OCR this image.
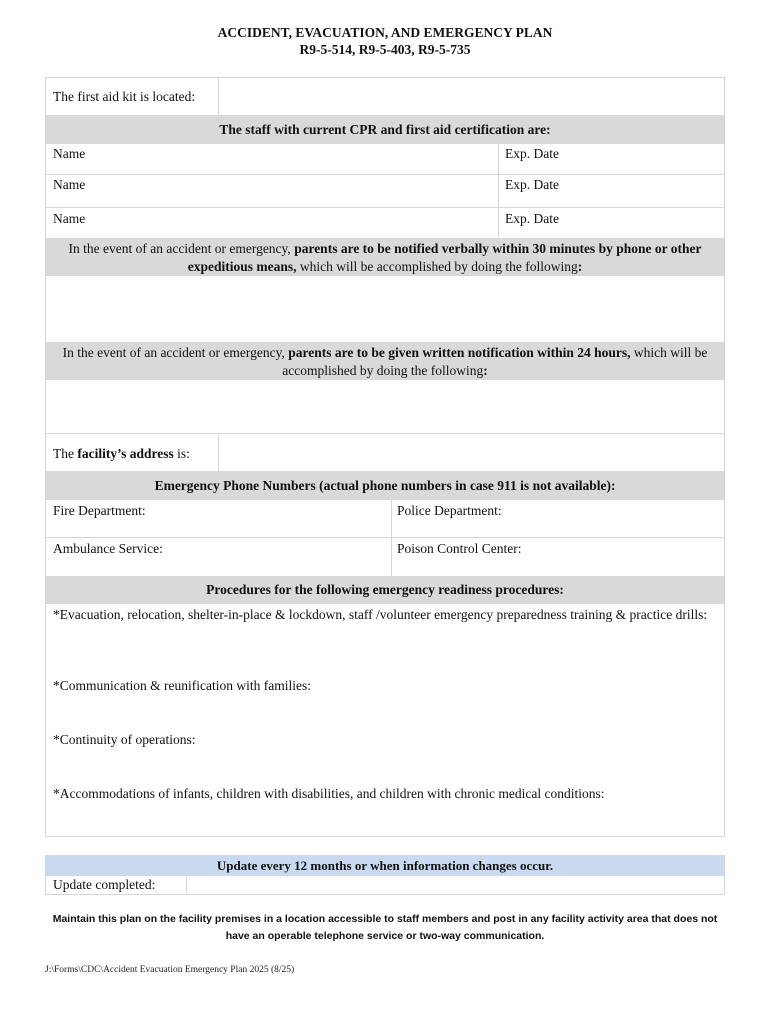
ACCIDENT, EVACUATION, AND EMERGENCY PLAN
R9-5-514, R9-5-403, R9-5-735
The first aid kit is located:
The staff with current CPR and first aid certification are:
Name	Exp. Date
Name	Exp. Date
Name	Exp. Date
In the event of an accident or emergency, parents are to be notified verbally within 30 minutes by phone or other expeditious means, which will be accomplished by doing the following:
In the event of an accident or emergency, parents are to be given written notification within 24 hours, which will be accomplished by doing the following:
The facility’s address is:
Emergency Phone Numbers (actual phone numbers in case 911 is not available):
Fire Department:	Police Department:
Ambulance Service:	Poison Control Center:
Procedures for the following emergency readiness procedures:
*Evacuation, relocation, shelter-in-place & lockdown, staff /volunteer emergency preparedness training & practice drills:
*Communication & reunification with families:
*Continuity of operations:
*Accommodations of infants, children with disabilities, and children with chronic medical conditions:
Update every 12 months or when information changes occur.
Update completed:
Maintain this plan on the facility premises in a location accessible to staff members and post in any facility activity area that does not have an operable telephone service or two-way communication.
J:\Forms\CDC\Accident Evacuation Emergency Plan 2025 (8/25)
